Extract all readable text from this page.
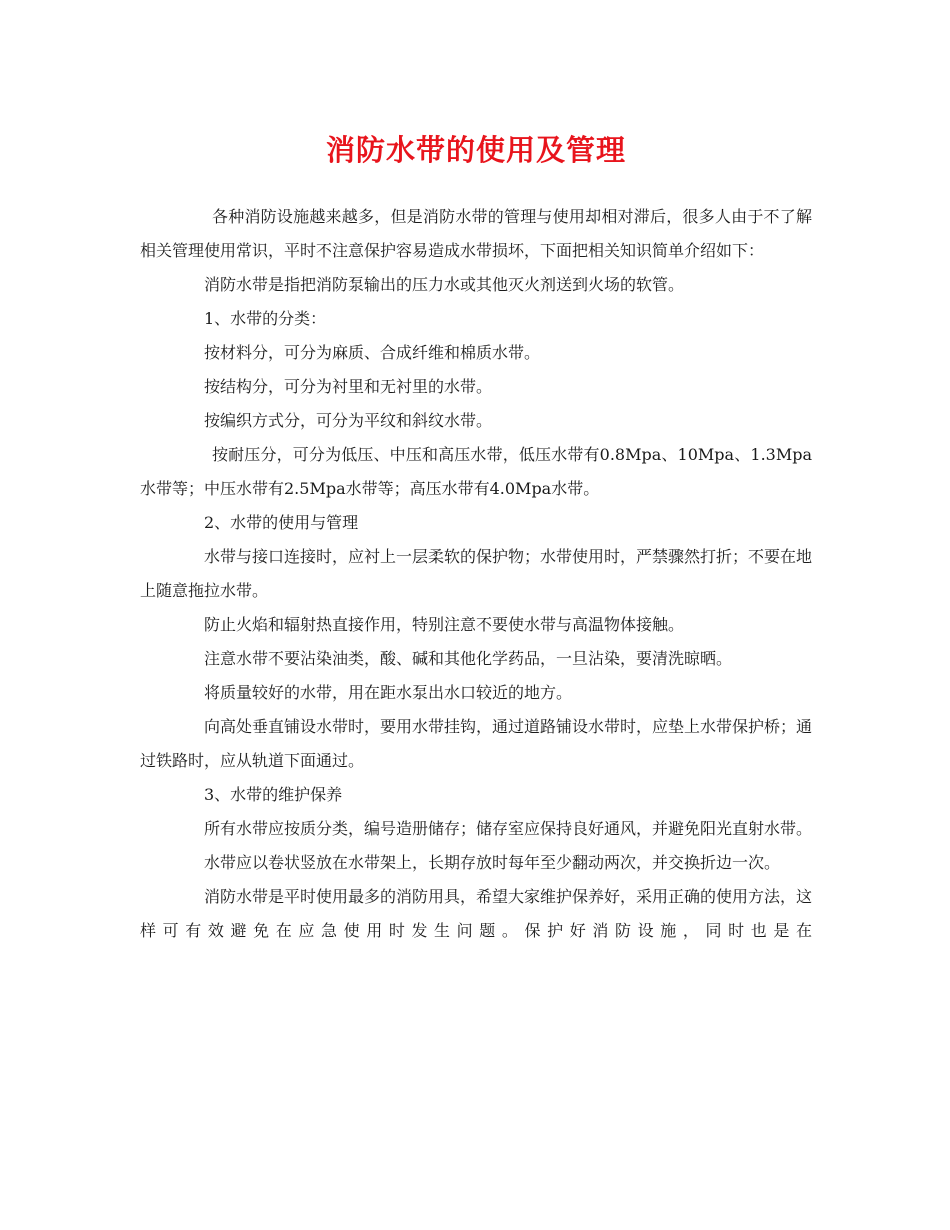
消防水带的使用及管理

各种消防设施越来越多，但是消防水带的管理与使用却相对滞后，很多人由于不了解相关管理使用常识，平时不注意保护容易造成水带损坏，下面把相关知识简单介绍如下：

消防水带是指把消防泵输出的压力水或其他灭火剂送到火场的软管。

1、水带的分类：

按材料分，可分为麻质、合成纤维和棉质水带。

按结构分，可分为衬里和无衬里的水带。

按编织方式分，可分为平纹和斜纹水带。

按耐压分，可分为低压、中压和高压水带，低压水带有0.8Mpa、10Mpa、1.3Mpa水带等；中压水带有2.5Mpa水带等；高压水带有4.0Mpa水带。

2、水带的使用与管理

水带与接口连接时，应衬上一层柔软的保护物；水带使用时，严禁骤然打折；不要在地上随意拖拉水带。

防止火焰和辐射热直接作用，特别注意不要使水带与高温物体接触。

注意水带不要沾染油类，酸、碱和其他化学药品，一旦沾染，要清洗晾晒。

将质量较好的水带，用在距水泵出水口较近的地方。

向高处垂直铺设水带时，要用水带挂钩，通过道路铺设水带时，应垫上水带保护桥；通过铁路时，应从轨道下面通过。

3、水带的维护保养

所有水带应按质分类，编号造册储存；储存室应保持良好通风，并避免阳光直射水带。

水带应以卷状竖放在水带架上，长期存放时每年至少翻动两次，并交换折边一次。

消防水带是平时使用最多的消防用具，希望大家维护保养好，采用正确的使用方法，这样可有效避免在应急使用时发生问题。保护好消防设施，同时也是在
